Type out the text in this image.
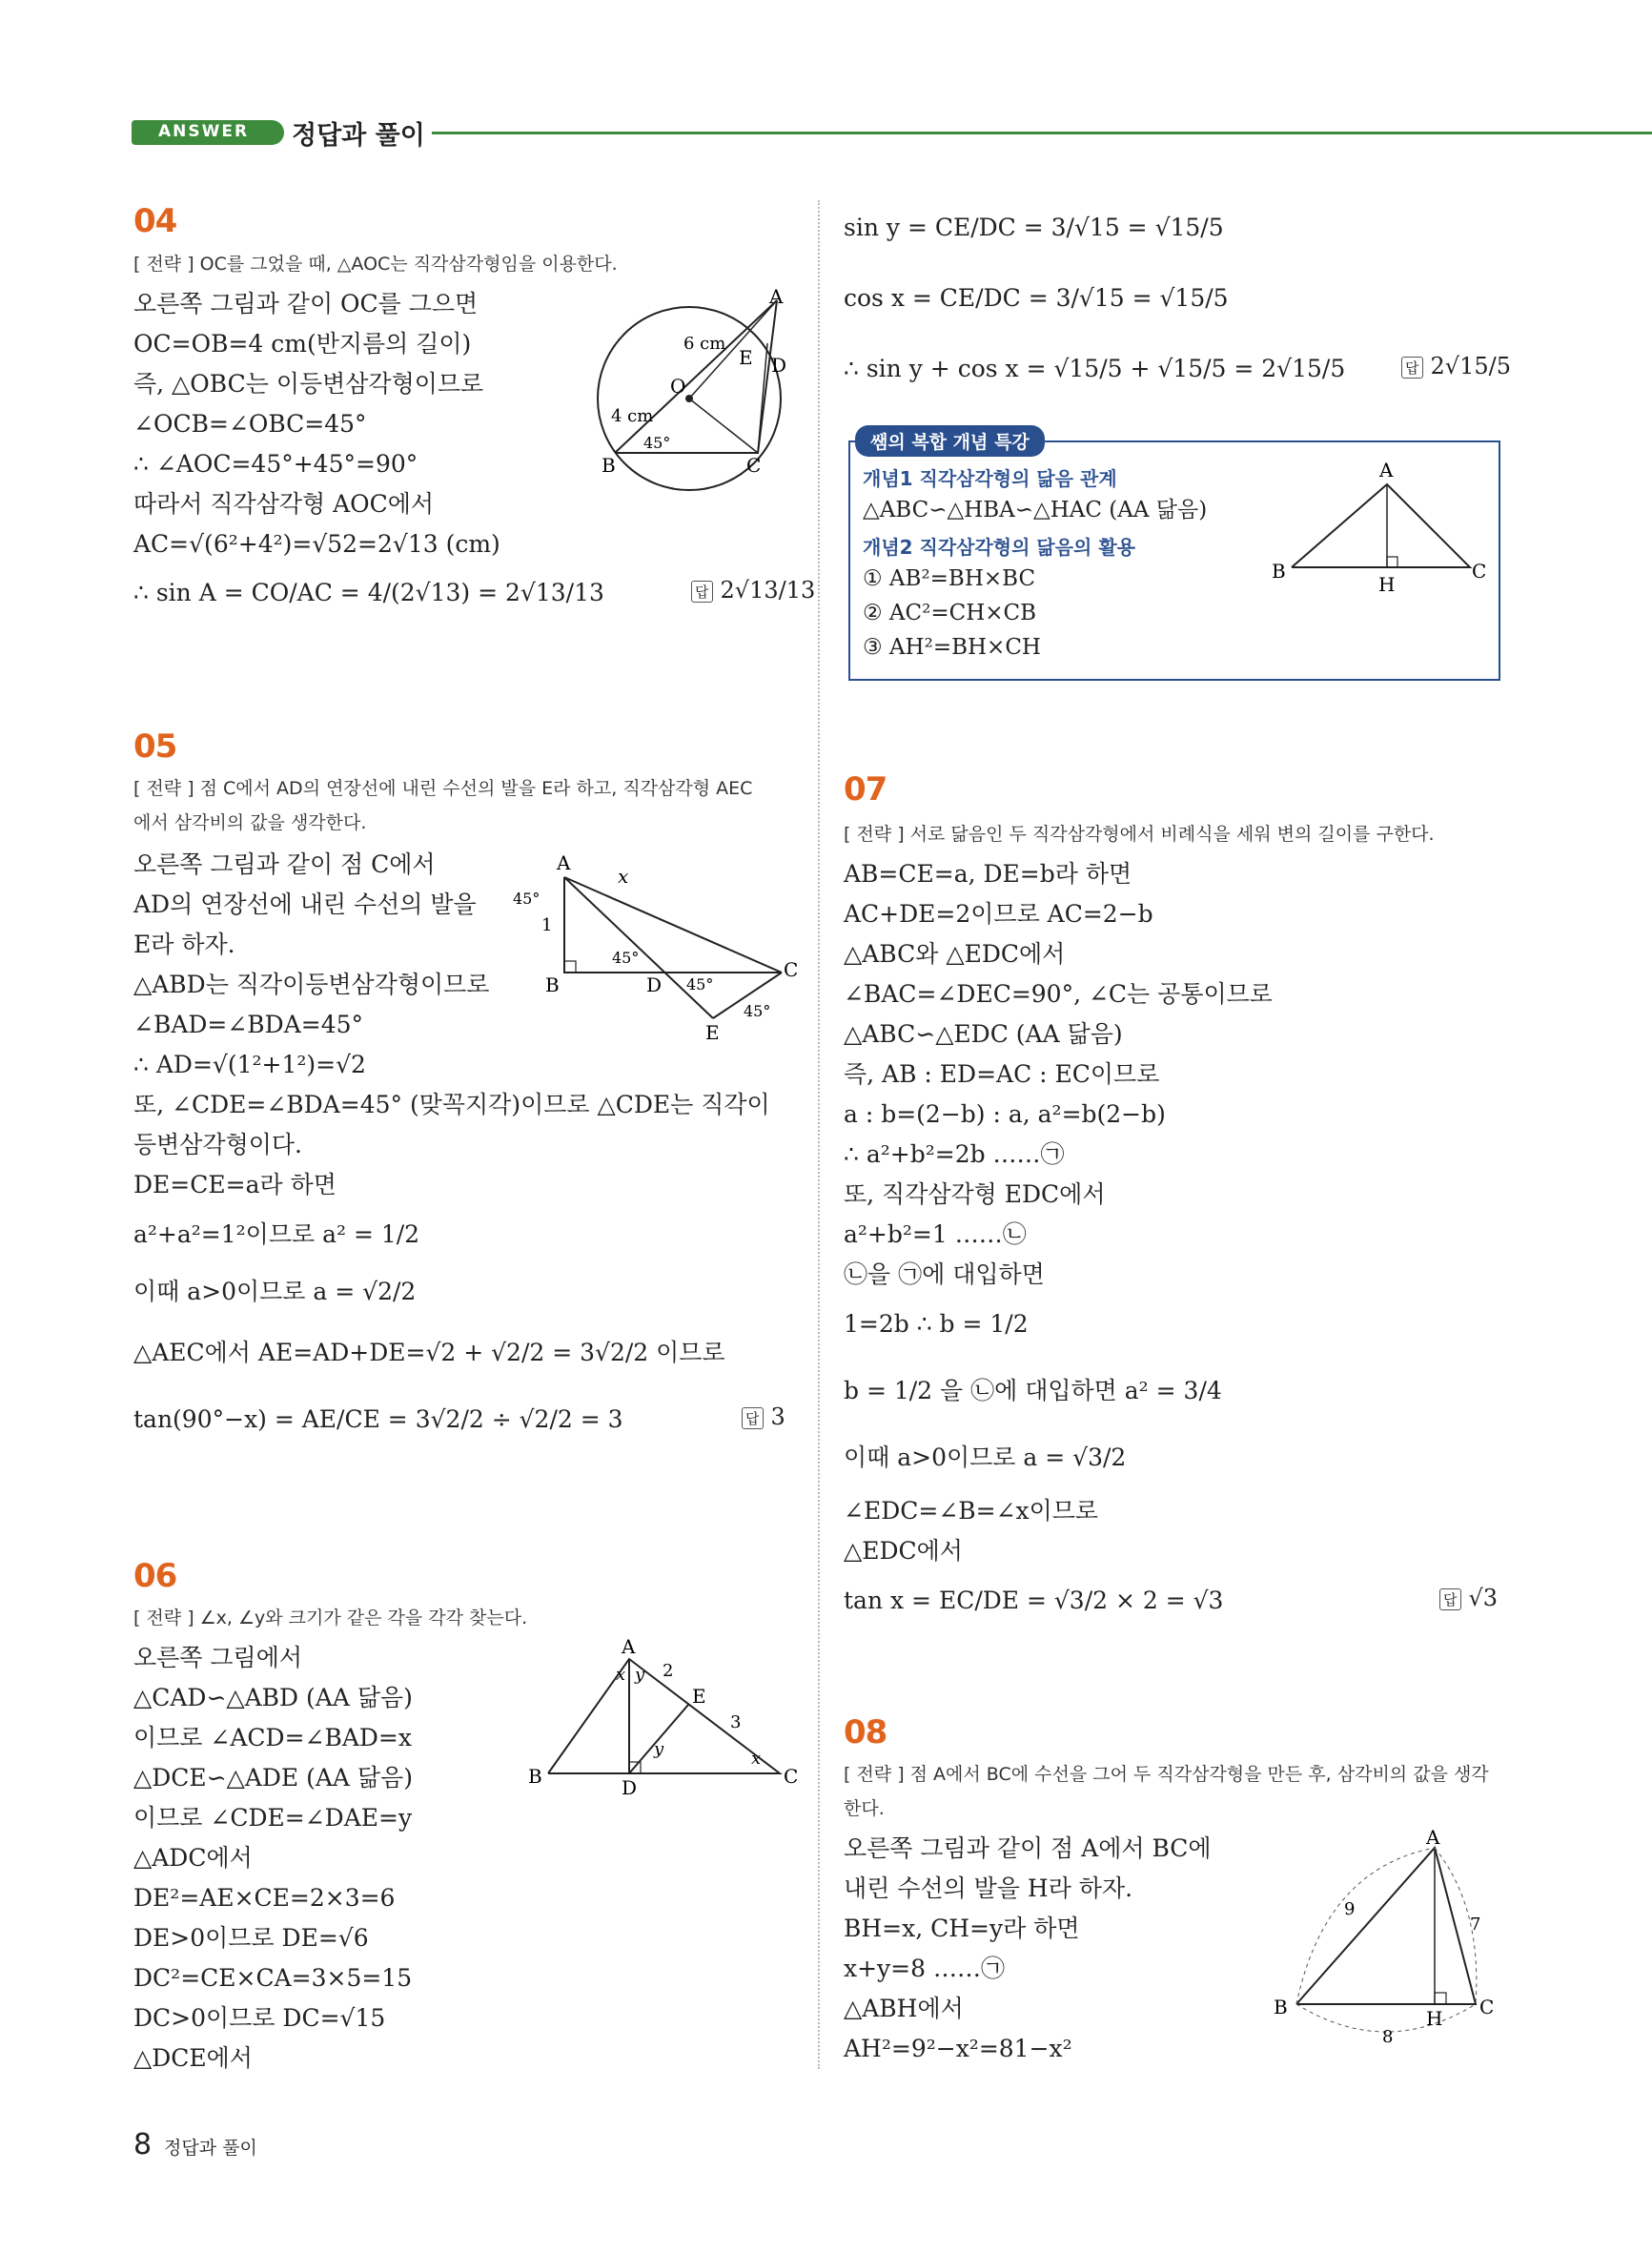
ANSWER 정답과 풀이
04
[ 전략 ] OC를 그었을 때, △AOC는 직각삼각형임을 이용한다.
오른쪽 그림과 같이 OC를 그으면
OC=OB=4 cm(반지름의 길이)
즉, △OBC는 이등변삼각형이므로
∠OCB=∠OBC=45°
∴ ∠AOC=45°+45°=90°
따라서 직각삼각형 AOC에서
AC=√(6²+4²)=√52=2√13 (cm)
∴ sin A = CO/AC = 4/(2√13) = 2√13/13	답 2√13/13
A
B	C
D
E
O
6 cm
4 cm
45°
05
[ 전략 ] 점 C에서 AD의 연장선에 내린 수선의 발을 E라 하고, 직각삼각형 AEC
에서 삼각비의 값을 생각한다.
오른쪽 그림과 같이 점 C에서
AD의 연장선에 내린 수선의 발을
E라 하자.
△ABD는 직각이등변삼각형이므로
∠BAD=∠BDA=45°
∴ AD=√(1²+1²)=√2
또, ∠CDE=∠BDA=45° (맞꼭지각)이므로 △CDE는 직각이
등변삼각형이다.
DE=CE=a라 하면
a²+a²=1²이므로 a² = 1/2
이때 a>0이므로 a = √2/2
△AEC에서 AE=AD+DE=√2 + √2/2 = 3√2/2 이므로
tan(90°−x) = AE/CE = 3√2/2 ÷ √2/2 = 3	답 3
A
B	D
C
E
x
1
45°
45°
45°
45°
06
[ 전략 ] ∠x, ∠y와 크기가 같은 각을 각각 찾는다.
오른쪽 그림에서
△CAD∽△ABD (AA 닮음)
이므로 ∠ACD=∠BAD=x
△DCE∽△ADE (AA 닮음)
이므로 ∠CDE=∠DAE=y
△ADC에서
DE²=AE×CE=2×3=6
DE>0이므로 DE=√6
DC²=CE×CA=3×5=15
DC>0이므로 DC=√15
△DCE에서
A
B	C
D
E
x y
y	x
2
3
sin y = CE/DC = 3/√15 = √15/5
cos x = CE/DC = 3/√15 = √15/5
∴ sin y + cos x = √15/5 + √15/5 = 2√15/5	답 2√15/5
쌤의 복합 개념 특강
개념1 직각삼각형의 닮음 관계
△ABC∽△HBA∽△HAC (AA 닮음)
개념2 직각삼각형의 닮음의 활용
① AB²=BH×BC
② AC²=CH×CB
③ AH²=BH×CH
A
B	C
H
07
[ 전략 ] 서로 닮음인 두 직각삼각형에서 비례식을 세워 변의 길이를 구한다.
AB=CE=a, DE=b라 하면
AC+DE=2이므로 AC=2−b
△ABC와 △EDC에서
∠BAC=∠DEC=90°, ∠C는 공통이므로
△ABC∽△EDC (AA 닮음)
즉, AB : ED=AC : EC이므로
a : b=(2−b) : a, a²=b(2−b)
∴ a²+b²=2b ……㉠
또, 직각삼각형 EDC에서
a²+b²=1 ……㉡
㉡을 ㉠에 대입하면
1=2b ∴ b = 1/2
b = 1/2 을 ㉡에 대입하면 a² = 3/4
이때 a>0이므로 a = √3/2
∠EDC=∠B=∠x이므로
△EDC에서
tan x = EC/DE = √3/2 × 2 = √3	답 √3
08
[ 전략 ] 점 A에서 BC에 수선을 그어 두 직각삼각형을 만든 후, 삼각비의 값을 생각
한다.
오른쪽 그림과 같이 점 A에서 BC에
내린 수선의 발을 H라 하자.
BH=x, CH=y라 하면
x+y=8 ……㉠
△ABH에서
AH²=9²−x²=81−x²
A
B	C
H
9
7
8
8 정답과 풀이
